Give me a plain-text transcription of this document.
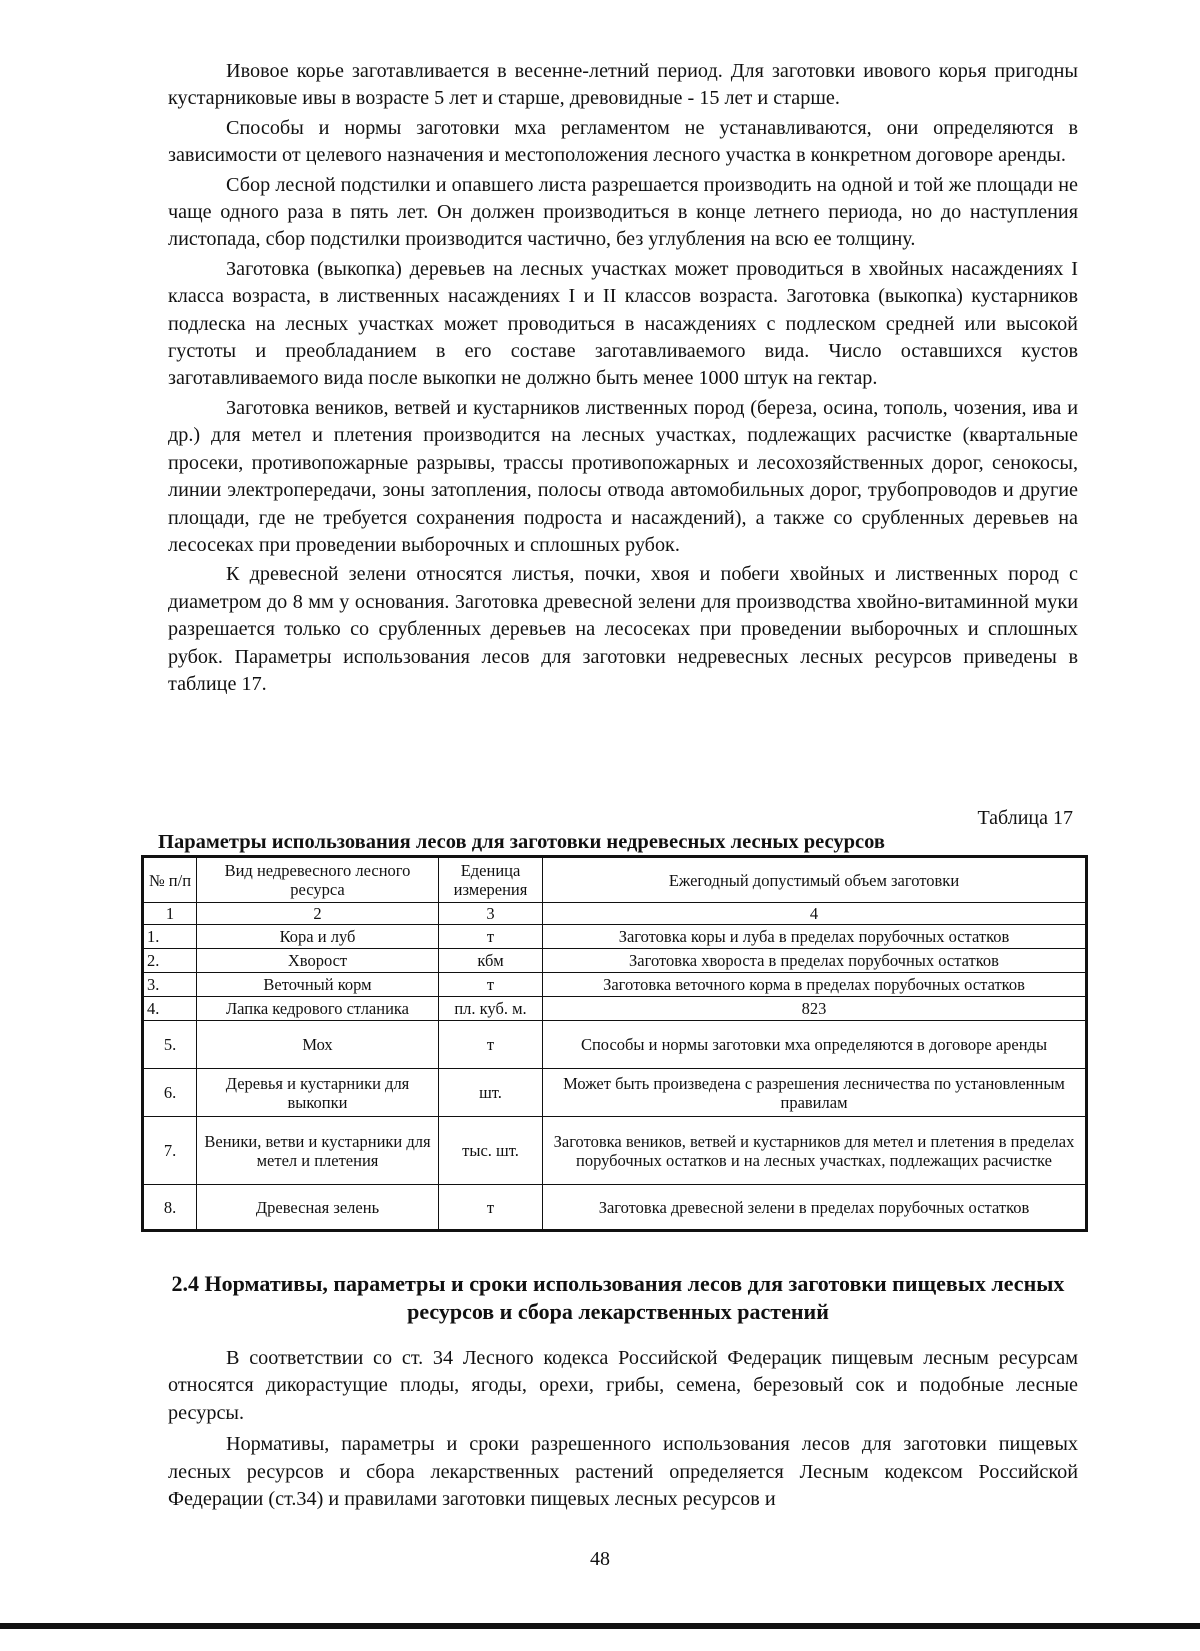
Ивовое корье заготавливается в весенне-летний период. Для заготовки ивового корья пригодны кустарниковые ивы в возрасте 5 лет и старше, древовидные - 15 лет и старше.

Способы и нормы заготовки мха регламентом не устанавливаются, они определяются в зависимости от целевого назначения и местоположения лесного участка в конкретном договоре аренды.

Сбор лесной подстилки и опавшего листа разрешается производить на одной и той же площади не чаще одного раза в пять лет. Он должен производиться в конце летнего периода, но до наступления листопада, сбор подстилки производится частично, без углубления на всю ее толщину.

Заготовка (выкопка) деревьев на лесных участках может проводиться в хвойных насаждениях I класса возраста, в лиственных насаждениях I и II классов возраста. Заготовка (выкопка) кустарников подлеска на лесных участках может проводиться в насаждениях с подлеском средней или высокой густоты и преобладанием в его составе заготавливаемого вида. Число оставшихся кустов заготавливаемого вида после выкопки не должно быть менее 1000 штук на гектар.

Заготовка веников, ветвей и кустарников лиственных пород (береза, осина, тополь, чозения, ива и др.) для метел и плетения производится на лесных участках, подлежащих расчистке (квартальные просеки, противопожарные разрывы, трассы противопожарных и лесохозяйственных дорог, сенокосы, линии электропередачи, зоны затопления, полосы отвода автомобильных дорог, трубопроводов и другие площади, где не требуется сохранения подроста и насаждений), а также со срубленных деревьев на лесосеках при проведении выборочных и сплошных рубок.

К древесной зелени относятся листья, почки, хвоя и побеги хвойных и лиственных пород с диаметром до 8 мм у основания. Заготовка древесной зелени для производства хвойно-витаминной муки разрешается только со срубленных деревьев на лесосеках при проведении выборочных и сплошных рубок. Параметры использования лесов для заготовки недревесных лесных ресурсов приведены в таблице 17.

Таблица 17
Параметры использования лесов для заготовки недревесных лесных ресурсов
№ п/п	Вид недревесного лесного ресурса	Еденица измерения	Ежегодный допустимый объем заготовки
1	2	3	4
1.	Кора и луб	т	Заготовка коры и луба в пределах порубочных остатков
2.	Хворост	кбм	Заготовка хвороста в пределах порубочных остатков
3.	Веточный корм	т	Заготовка веточного корма в пределах порубочных остатков
4.	Лапка кедрового стланика	пл. куб. м.	823
5.	Мох	т	Способы и нормы заготовки мха определяются в договоре аренды
6.	Деревья и кустарники для выкопки	шт.	Может быть произведена с разрешения лесничества по установленным правилам
7.	Веники, ветви и кустарники для метел и плетения	тыс. шт.	Заготовка веников, ветвей и кустарников для метел и плетения в пределах порубочных остатков и на лесных участках, подлежащих расчистке
8.	Древесная зелень	т	Заготовка древесной зелени в пределах порубочных остатков
2.4 Нормативы, параметры и сроки использования лесов для заготовки пищевых лесных ресурсов и сбора лекарственных растений

В соответствии со ст. 34 Лесного кодекса Российской Федерацик пищевым лесным ресурсам относятся дикорастущие плоды, ягоды, орехи, грибы, семена, березовый сок и подобные лесные ресурсы.

Нормативы, параметры и сроки разрешенного использования лесов для заготовки пищевых лесных ресурсов и сбора лекарственных растений определяется Лесным кодексом Российской Федерации (ст.34) и правилами заготовки пищевых лесных ресурсов и

48
